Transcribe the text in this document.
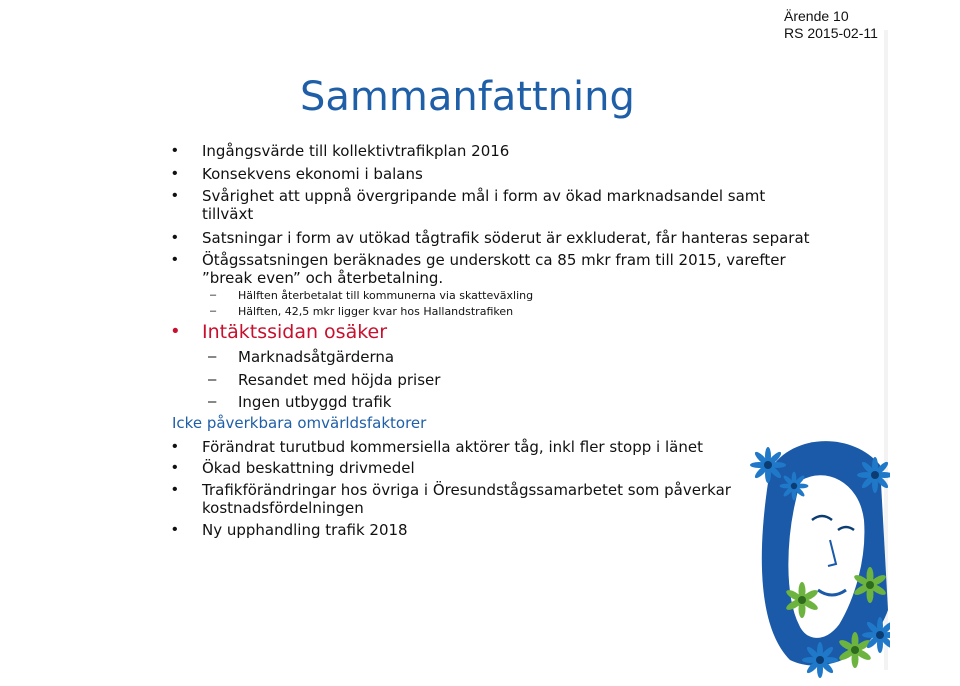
Ärende 10
RS 2015-02-11
Sammanfattning
• Ingångsvärde till kollektivtrafikplan 2016
• Konsekvens ekonomi i balans
• Svårighet att uppnå övergripande mål i form av ökad marknadsandel samt
tillväxt
• Satsningar i form av utökad tågtrafik söderut är exkluderat, får hanteras separat
• Ötågssatsningen beräknades ge underskott ca 85 mkr fram till 2015, varefter
”break even” och återbetalning.
– Hälften återbetalat till kommunerna via skatteväxling
– Hälften, 42,5 mkr ligger kvar hos Hallandstrafiken
• Intäktssidan osäker
– Marknadsåtgärderna
– Resandet med höjda priser
– Ingen utbyggd trafik
Icke påverkbara omvärldsfaktorer
• Förändrat turutbud kommersiella aktörer tåg, inkl fler stopp i länet
• Ökad beskattning drivmedel
• Trafikförändringar hos övriga i Öresundstågssamarbetet som påverkar
kostnadsfördelningen
• Ny upphandling trafik 2018
